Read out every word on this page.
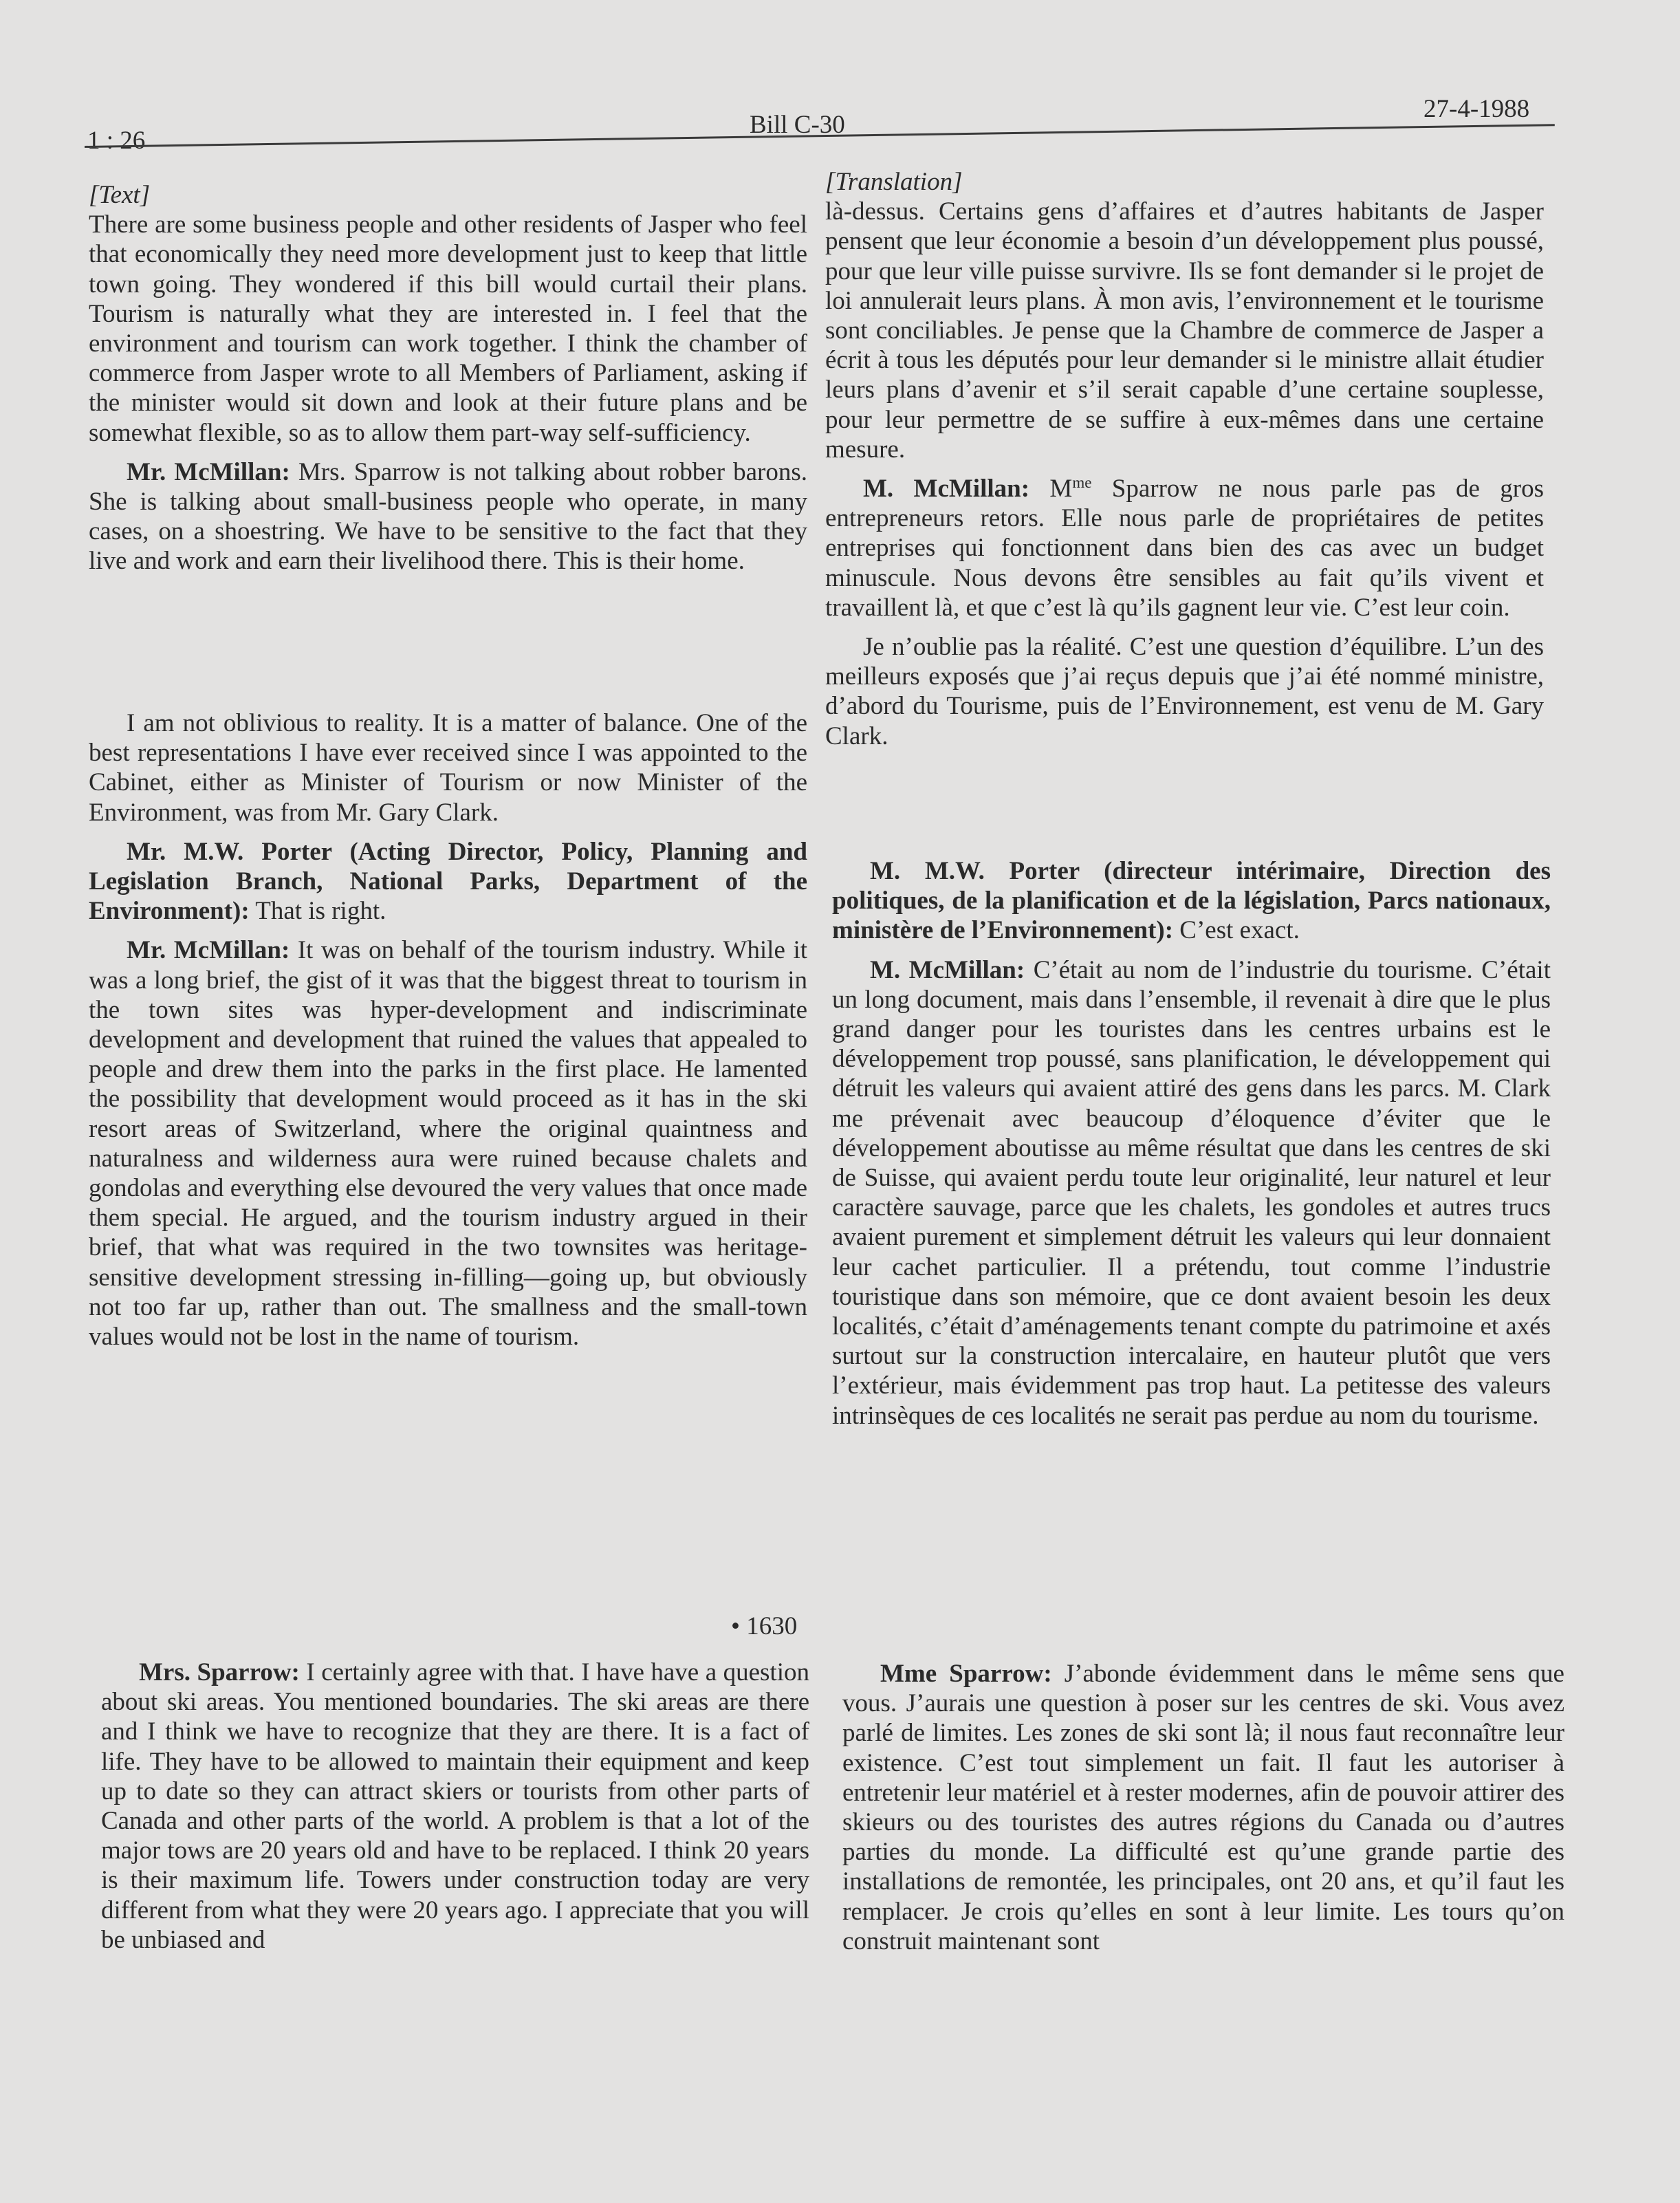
1 : 26
Bill C-30
27-4-1988

[Text]

There are some business people and other residents of Jasper who feel that economically they need more development just to keep that little town going. They wondered if this bill would curtail their plans. Tourism is naturally what they are interested in. I feel that the environment and tourism can work together. I think the chamber of commerce from Jasper wrote to all Members of Parliament, asking if the minister would sit down and look at their future plans and be somewhat flexible, so as to allow them part-way self-sufficiency.

Mr. McMillan: Mrs. Sparrow is not talking about robber barons. She is talking about small-business people who operate, in many cases, on a shoestring. We have to be sensitive to the fact that they live and work and earn their livelihood there. This is their home.

I am not oblivious to reality. It is a matter of balance. One of the best representations I have ever received since I was appointed to the Cabinet, either as Minister of Tourism or now Minister of the Environment, was from Mr. Gary Clark.

Mr. M.W. Porter (Acting Director, Policy, Planning and Legislation Branch, National Parks, Department of the Environment): That is right.

Mr. McMillan: It was on behalf of the tourism industry. While it was a long brief, the gist of it was that the biggest threat to tourism in the town sites was hyper-development and indiscriminate development and development that ruined the values that appealed to people and drew them into the parks in the first place. He lamented the possibility that development would proceed as it has in the ski resort areas of Switzerland, where the original quaintness and naturalness and wilderness aura were ruined because chalets and gondolas and everything else devoured the very values that once made them special. He argued, and the tourism industry argued in their brief, that what was required in the two townsites was heritage-sensitive development stressing in-filling—going up, but obviously not too far up, rather than out. The smallness and the small-town values would not be lost in the name of tourism.

• 1630

Mrs. Sparrow: I certainly agree with that. I have have a question about ski areas. You mentioned boundaries. The ski areas are there and I think we have to recognize that they are there. It is a fact of life. They have to be allowed to maintain their equipment and keep up to date so they can attract skiers or tourists from other parts of Canada and other parts of the world. A problem is that a lot of the major tows are 20 years old and have to be replaced. I think 20 years is their maximum life. Towers under construction today are very different from what they were 20 years ago. I appreciate that you will be unbiased and

[Translation]

là-dessus. Certains gens d’affaires et d’autres habitants de Jasper pensent que leur économie a besoin d’un développement plus poussé, pour que leur ville puisse survivre. Ils se font demander si le projet de loi annulerait leurs plans. À mon avis, l’environnement et le tourisme sont conciliables. Je pense que la Chambre de commerce de Jasper a écrit à tous les députés pour leur demander si le ministre allait étudier leurs plans d’avenir et s’il serait capable d’une certaine souplesse, pour leur permettre de se suffire à eux-mêmes dans une certaine mesure.

M. McMillan: $M^{me}$ Sparrow ne nous parle pas de gros entrepreneurs retors. Elle nous parle de propriétaires de petites entreprises qui fonctionnent dans bien des cas avec un budget minuscule. Nous devons être sensibles au fait qu’ils vivent et travaillent là, et que c’est là qu’ils gagnent leur vie. C’est leur coin.

Je n’oublie pas la réalité. C’est une question d’équilibre. L’un des meilleurs exposés que j’ai reçus depuis que j’ai été nommé ministre, d’abord du Tourisme, puis de l’Environnement, est venu de M. Gary Clark.

M. M.W. Porter (directeur intérimaire, Direction des politiques, de la planification et de la législation, Parcs nationaux, ministère de l’Environnement): C’est exact.

M. McMillan: C’était au nom de l’industrie du tourisme. C’était un long document, mais dans l’ensemble, il revenait à dire que le plus grand danger pour les touristes dans les centres urbains est le développement trop poussé, sans planification, le développement qui détruit les valeurs qui avaient attiré des gens dans les parcs. M. Clark me prévenait avec beaucoup d’éloquence d’éviter que le développement aboutisse au même résultat que dans les centres de ski de Suisse, qui avaient perdu toute leur originalité, leur naturel et leur caractère sauvage, parce que les chalets, les gondoles et autres trucs avaient purement et simplement détruit les valeurs qui leur donnaient leur cachet particulier. Il a prétendu, tout comme l’industrie touristique dans son mémoire, que ce dont avaient besoin les deux localités, c’était d’aménagements tenant compte du patrimoine et axés surtout sur la construction intercalaire, en hauteur plutôt que vers l’extérieur, mais évidemment pas trop haut. La petitesse des valeurs intrinsèques de ces localités ne serait pas perdue au nom du tourisme.

Mme Sparrow: J’abonde évidemment dans le même sens que vous. J’aurais une question à poser sur les centres de ski. Vous avez parlé de limites. Les zones de ski sont là; il nous faut reconnaître leur existence. C’est tout simplement un fait. Il faut les autoriser à entretenir leur matériel et à rester modernes, afin de pouvoir attirer des skieurs ou des touristes des autres régions du Canada ou d’autres parties du monde. La difficulté est qu’une grande partie des installations de remontée, les principales, ont 20 ans, et qu’il faut les remplacer. Je crois qu’elles en sont à leur limite. Les tours qu’on construit maintenant sont
